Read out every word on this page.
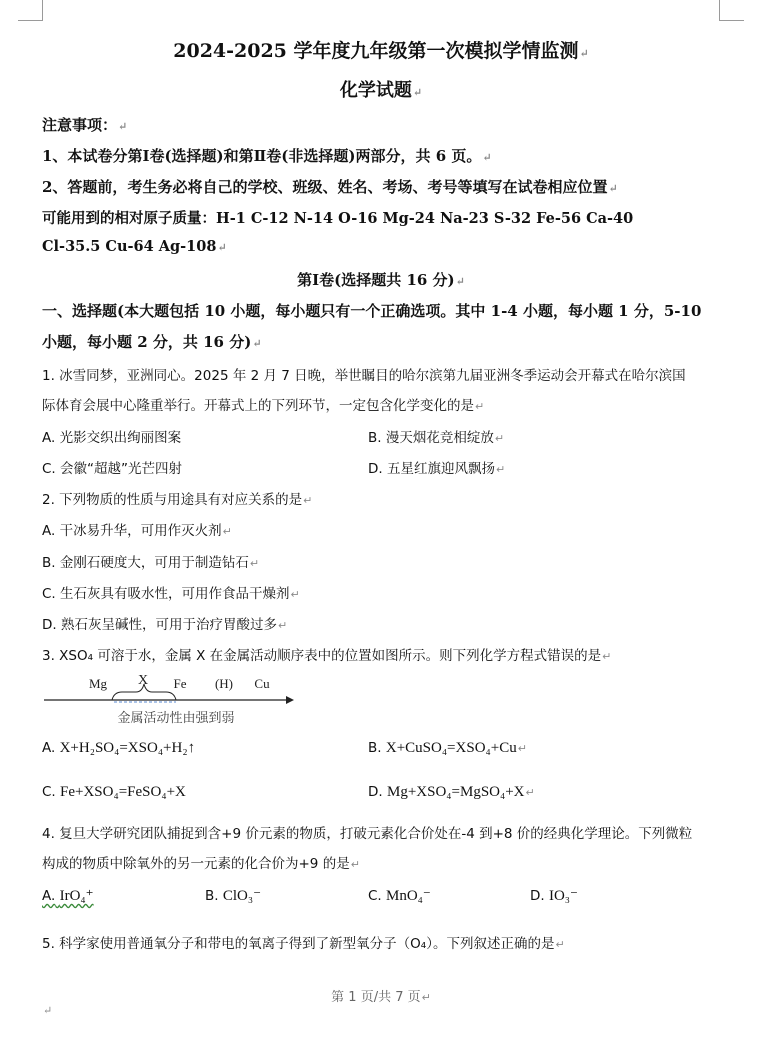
2024-2025 学年度九年级第一次模拟学情监测↵
化学试题↵
注意事项：↵
1、本试卷分第Ⅰ卷(选择题)和第Ⅱ卷(非选择题)两部分，共 6 页。↵
2、答题前，考生务必将自己的学校、班级、姓名、考场、考号等填写在试卷相应位置↵
可能用到的相对原子质量：H-1 C-12 N-14 O-16 Mg-24 Na-23 S-32 Fe-56 Ca-40
Cl-35.5 Cu-64 Ag-108↵
第Ⅰ卷(选择题共 16 分)↵
一、选择题(本大题包括 10 小题，每小题只有一个正确选项。其中 1-4 小题，每小题 1 分，5-10
小题，每小题 2 分，共 16 分)↵
1. 冰雪同梦，亚洲同心。2025 年 2 月 7 日晚，举世瞩目的哈尔滨第九届亚洲冬季运动会开幕式在哈尔滨国
际体育会展中心隆重举行。开幕式上的下列环节，一定包含化学变化的是↵
A. 光影交织出绚丽图案	B. 漫天烟花竞相绽放↵
C. 会徽“超越”光芒四射	D. 五星红旗迎风飘扬↵
2. 下列物质的性质与用途具有对应关系的是↵
A. 干冰易升华，可用作灭火剂↵
B. 金刚石硬度大，可用于制造钻石↵
C. 生石灰具有吸水性，可用作食品干燥剂↵
D. 熟石灰呈碱性，可用于治疗胃酸过多↵
3. XSO₄ 可溶于水，金属 X 在金属活动顺序表中的位置如图所示。则下列化学方程式错误的是↵
Mg X Fe (H) Cu
金属活动性由强到弱
A. X+H₂SO₄=XSO₄+H₂↑	B. X+CuSO₄=XSO₄+Cu↵
C. Fe+XSO₄=FeSO₄+X	D. Mg+XSO₄=MgSO₄+X↵
4. 复旦大学研究团队捕捉到含+9 价元素的物质，打破元素化合价处在-4 到+8 价的经典化学理论。下列微粒
构成的物质中除氧外的另一元素的化合价为+9 的是↵
A. IrO₄⁺	B. ClO₃⁻	C. MnO₄⁻	D. IO₃⁻
5. 科学家使用普通氧分子和带电的氧离子得到了新型氧分子（O₄）。下列叙述正确的是↵
第 1 页/共 7 页↵
↵
